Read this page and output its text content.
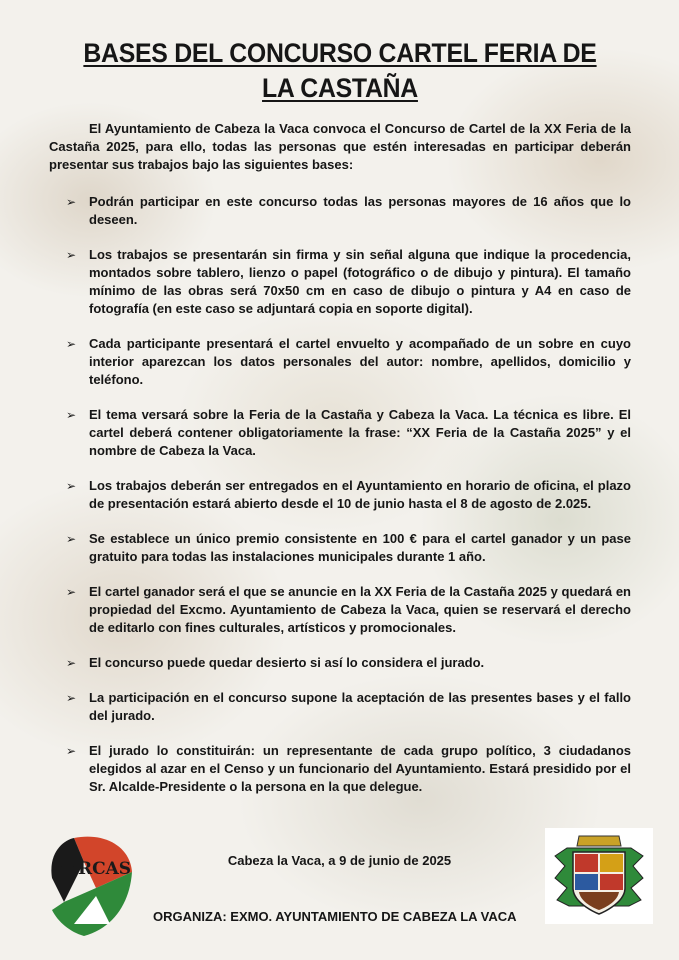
BASES DEL CONCURSO CARTEL FERIA DE LA CASTAÑA
El Ayuntamiento de Cabeza la Vaca convoca el Concurso de Cartel de la XX Feria de la Castaña 2025, para ello, todas las personas que estén interesadas en participar deberán presentar sus trabajos bajo las siguientes bases:
➢ Podrán participar en este concurso todas las personas mayores de 16 años que lo deseen.
➢ Los trabajos se presentarán sin firma y sin señal alguna que indique la procedencia, montados sobre tablero, lienzo o papel (fotográfico o de dibujo y pintura). El tamaño mínimo de las obras será 70x50 cm en caso de dibujo o pintura y A4 en caso de fotografía (en este caso se adjuntará copia en soporte digital).
➢ Cada participante presentará el cartel envuelto y acompañado de un sobre en cuyo interior aparezcan los datos personales del autor: nombre, apellidos, domicilio y teléfono.
➢ El tema versará sobre la Feria de la Castaña y Cabeza la Vaca. La técnica es libre. El cartel deberá contener obligatoriamente la frase: “XX Feria de la Castaña 2025” y el nombre de Cabeza la Vaca.
➢ Los trabajos deberán ser entregados en el Ayuntamiento en horario de oficina, el plazo de presentación estará abierto desde el 10 de junio hasta el 8 de agosto de 2.025.
➢ Se establece un único premio consistente en 100 € para el cartel ganador y un pase gratuito para todas las instalaciones municipales durante 1 año.
➢ El cartel ganador será el que se anuncie en la XX Feria de la Castaña 2025 y quedará en propiedad del Excmo. Ayuntamiento de Cabeza la Vaca, quien se reservará el derecho de editarlo con fines culturales, artísticos y promocionales.
➢ El concurso puede quedar desierto si así lo considera el jurado.
➢ La participación en el concurso supone la aceptación de las presentes bases y el fallo del jurado.
➢ El jurado lo constituirán: un representante de cada grupo político, 3 ciudadanos elegidos al azar en el Censo y un funcionario del Ayuntamiento. Estará presidido por el Sr. Alcalde-Presidente o la persona en la que delegue.
Cabeza la Vaca, a 9 de junio de 2025
ORGANIZA: EXMO. AYUNTAMIENTO DE CABEZA LA VACA
FERCAS
